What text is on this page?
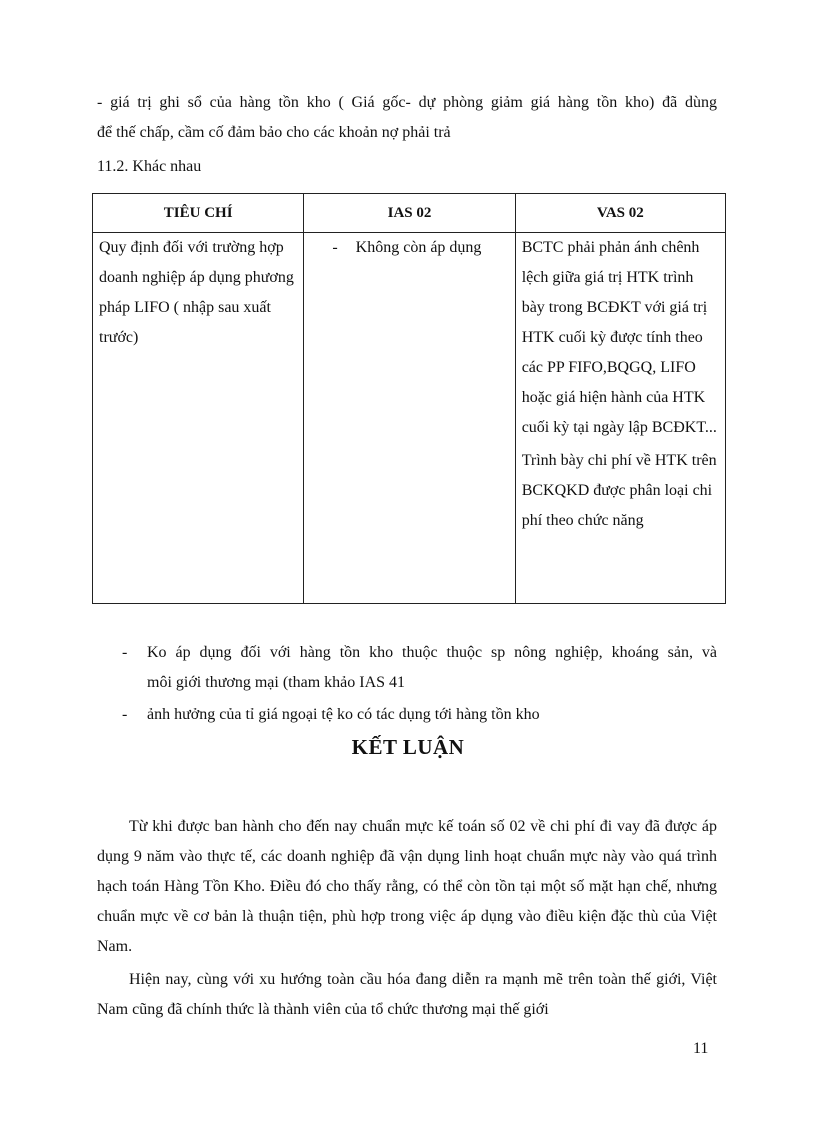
- giá trị ghi sổ của hàng tồn kho ( Giá gốc- dự phòng giảm giá hàng tồn kho) đã dùng

để thế chấp, cầm cố đảm bảo cho các khoản nợ phải trả

11.2. Khác nhau
TIÊU CHÍ	IAS 02	VAS 02

Quy định đối với trường hợp doanh nghiệp áp dụng phương pháp LIFO ( nhập sau xuất trước)	- Không còn áp dụng	BCTC phải phản ánh chênh lệch giữa giá trị HTK trình bày trong BCĐKT với giá trị HTK cuối kỳ được tính theo các PP FIFO,BQGQ, LIFO hoặc giá hiện hành của HTK cuối kỳ tại ngày lập BCĐKT...

Trình bày chi phí về HTK trên BCKQKD được phân loại chi phí theo chức năng

- Ko áp dụng đối với hàng tồn kho thuộc thuộc sp nông nghiệp, khoáng sản, và
môi giới thương mại (tham khảo IAS 41
- ảnh hưởng của tỉ giá ngoại tệ ko có tác dụng tới hàng tồn kho
KẾT LUẬN

Từ khi được ban hành cho đến nay chuẩn mực kế toán số 02 về chi phí đi vay đã được áp dụng 9 năm vào thực tế, các doanh nghiệp đã vận dụng linh hoạt chuẩn mực này vào quá trình hạch toán Hàng Tồn Kho. Điều đó cho thấy rằng, có thể còn tồn tại một số mặt hạn chế, nhưng chuẩn mực về cơ bản là thuận tiện, phù hợp trong việc áp dụng vào điều kiện đặc thù của Việt Nam.

Hiện nay, cùng với xu hướng toàn cầu hóa đang diễn ra mạnh mẽ trên toàn thế giới, Việt Nam cũng đã chính thức là thành viên của tổ chức thương mại thế giới

11
